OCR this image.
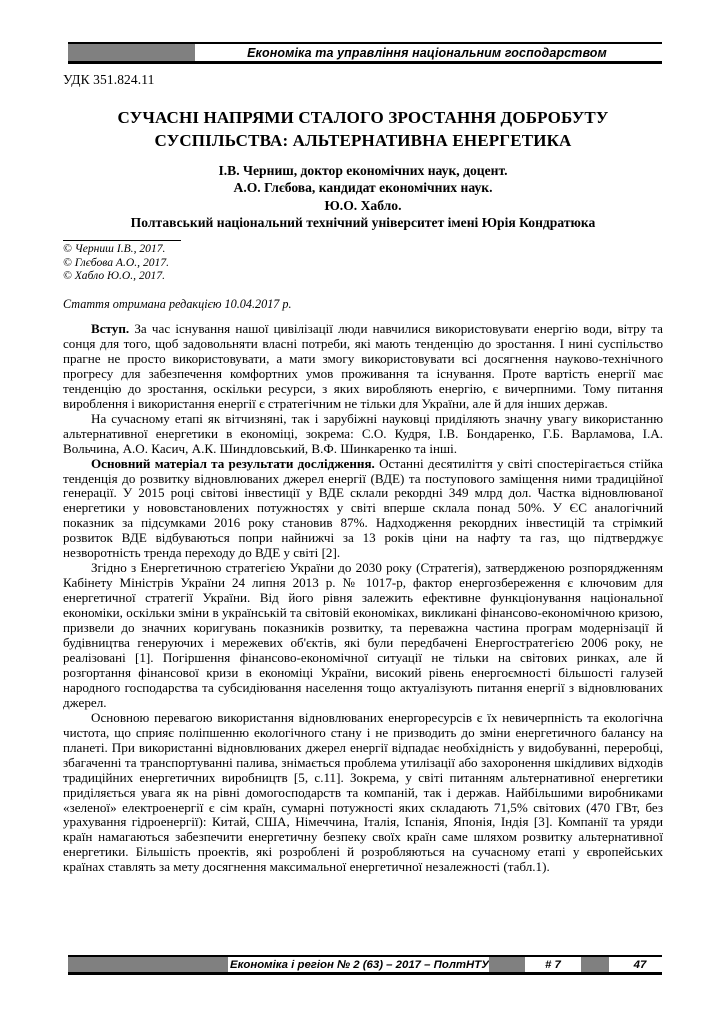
Економіка та управління національним господарством
УДК 351.824.11
СУЧАСНІ НАПРЯМИ СТАЛОГО ЗРОСТАННЯ ДОБРОБУТУ
СУСПІЛЬСТВА: АЛЬТЕРНАТИВНА ЕНЕРГЕТИКА
І.В. Черниш, доктор економічних наук, доцент.
А.О. Глєбова, кандидат економічних наук.
Ю.О. Хабло.
Полтавський національний технічний університет імені Юрія Кондратюка
© Черниш І.В., 2017.
© Глєбова А.О., 2017.
© Хабло Ю.О., 2017.
Стаття отримана редакцією 10.04.2017 р.

Вступ. За час існування нашої цивілізації люди навчилися використовувати енергію води, вітру та сонця для того, щоб задовольняти власні потреби, які мають тенденцію до зростання. І нині суспільство прагне не просто використовувати, а мати змогу використовувати всі досягнення науково-технічного прогресу для забезпечення комфортних умов проживання та існування. Проте вартість енергії має тенденцію до зростання, оскільки ресурси, з яких виробляють енергію, є вичерпними. Тому питання вироблення і використання енергії є стратегічним не тільки для України, але й для інших держав.

На сучасному етапі як вітчизняні, так і зарубіжні науковці приділяють значну увагу використанню альтернативної енергетики в економіці, зокрема: С.О. Кудря, І.В. Бондаренко, Г.Б. Варламова, І.А. Вольчина, А.О. Касич, А.К. Шиндловський, В.Ф. Шинкаренко та інші.

Основний матеріал та результати дослідження. Останні десятиліття у світі спостерігається стійка тенденція до розвитку відновлюваних джерел енергії (ВДЕ) та поступового заміщення ними традиційної генерації. У 2015 році світові інвестиції у ВДЕ склали рекордні 349 млрд дол. Частка відновлюваної енергетики у нововстановлених потужностях у світі вперше склала понад 50%. У ЄС аналогічний показник за підсумками 2016 року становив 87%. Надходження рекордних інвестицій та стрімкий розвиток ВДЕ відбуваються попри найнижчі за 13 років ціни на нафту та газ, що підтверджує незворотність тренда переходу до ВДЕ у світі [2].

Згідно з Енергетичною стратегією України до 2030 року (Стратегія), затвердженою розпорядженням Кабінету Міністрів України 24 липня 2013 р. № 1017-р, фактор енергозбереження є ключовим для енергетичної стратегії України. Від його рівня залежить ефективне функціонування національної економіки, оскільки зміни в українській та світовій економіках, викликані фінансово-економічною кризою, призвели до значних коригувань показників розвитку, та переважна частина програм модернізації й будівництва генеруючих і мережевих об'єктів, які були передбачені Енергостратегією 2006 року, не реалізовані [1]. Погіршення фінансово-економічної ситуації не тільки на світових ринках, але й розгортання фінансової кризи в економіці України, високий рівень енергоємності більшості галузей народного господарства та субсидіювання населення тощо актуалізують питання енергії з відновлюваних джерел.

Основною перевагою використання відновлюваних енергоресурсів є їх невичерпність та екологічна чистота, що сприяє поліпшенню екологічного стану і не призводить до зміни енергетичного балансу на планеті. При використанні відновлюваних джерел енергії відпадає необхідність у видобуванні, переробці, збагаченні та транспортуванні палива, знімається проблема утилізації або захоронення шкідливих відходів традиційних енергетичних виробництв [5, с.11]. Зокрема, у світі питанням альтернативної енергетики приділяється увага як на рівні домогосподарств та компаній, так і держав. Найбільшими виробниками «зеленої» електроенергії є сім країн, сумарні потужності яких складають 71,5% світових (470 ГВт, без урахування гідроенергії): Китай, США, Німеччина, Італія, Іспанія, Японія, Індія [3]. Компанії та уряди країн намагаються забезпечити енергетичну безпеку своїх країн саме шляхом розвитку альтернативної енергетики. Більшість проектів, які розроблені й розробляються на сучасному етапі у європейських країнах ставлять за мету досягнення максимальної енергетичної незалежності (табл.1).

Економіка і регіон № 2 (63) – 2017 – ПолтНТУ	# 7	47
